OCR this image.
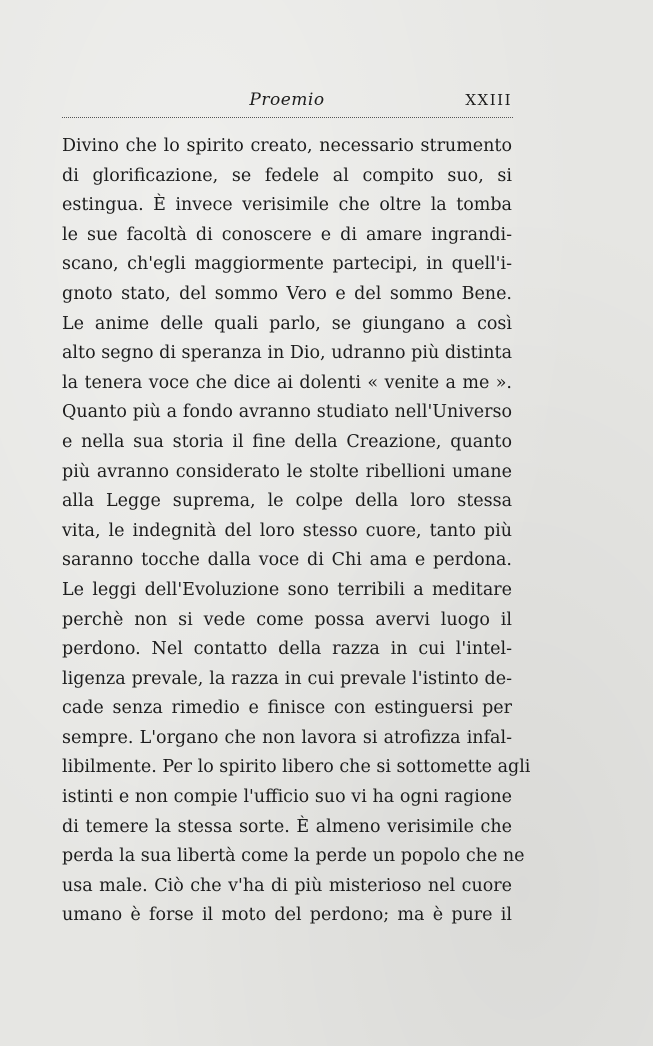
Proemio	XXIII
Divino che lo spirito creato, necessario strumento
di glorificazione, se fedele al compito suo, si
estingua. È invece verisimile che oltre la tomba
le sue facoltà di conoscere e di amare ingrandi-
scano, ch'egli maggiormente partecipi, in quell'i-
gnoto stato, del sommo Vero e del sommo Bene.
Le anime delle quali parlo, se giungano a così
alto segno di speranza in Dio, udranno più distinta
la tenera voce che dice ai dolenti « venite a me ».
Quanto più a fondo avranno studiato nell'Universo
e nella sua storia il fine della Creazione, quanto
più avranno considerato le stolte ribellioni umane
alla Legge suprema, le colpe della loro stessa
vita, le indegnità del loro stesso cuore, tanto più
saranno tocche dalla voce di Chi ama e perdona.
Le leggi dell'Evoluzione sono terribili a meditare
perchè non si vede come possa avervi luogo il
perdono. Nel contatto della razza in cui l'intel-
ligenza prevale, la razza in cui prevale l'istinto de-
cade senza rimedio e finisce con estinguersi per
sempre. L'organo che non lavora si atrofizza infal-
libilmente. Per lo spirito libero che si sottomette agli
istinti e non compie l'ufficio suo vi ha ogni ragione
di temere la stessa sorte. È almeno verisimile che
perda la sua libertà come la perde un popolo che ne
usa male. Ciò che v'ha di più misterioso nel cuore
umano è forse il moto del perdono; ma è pure il
